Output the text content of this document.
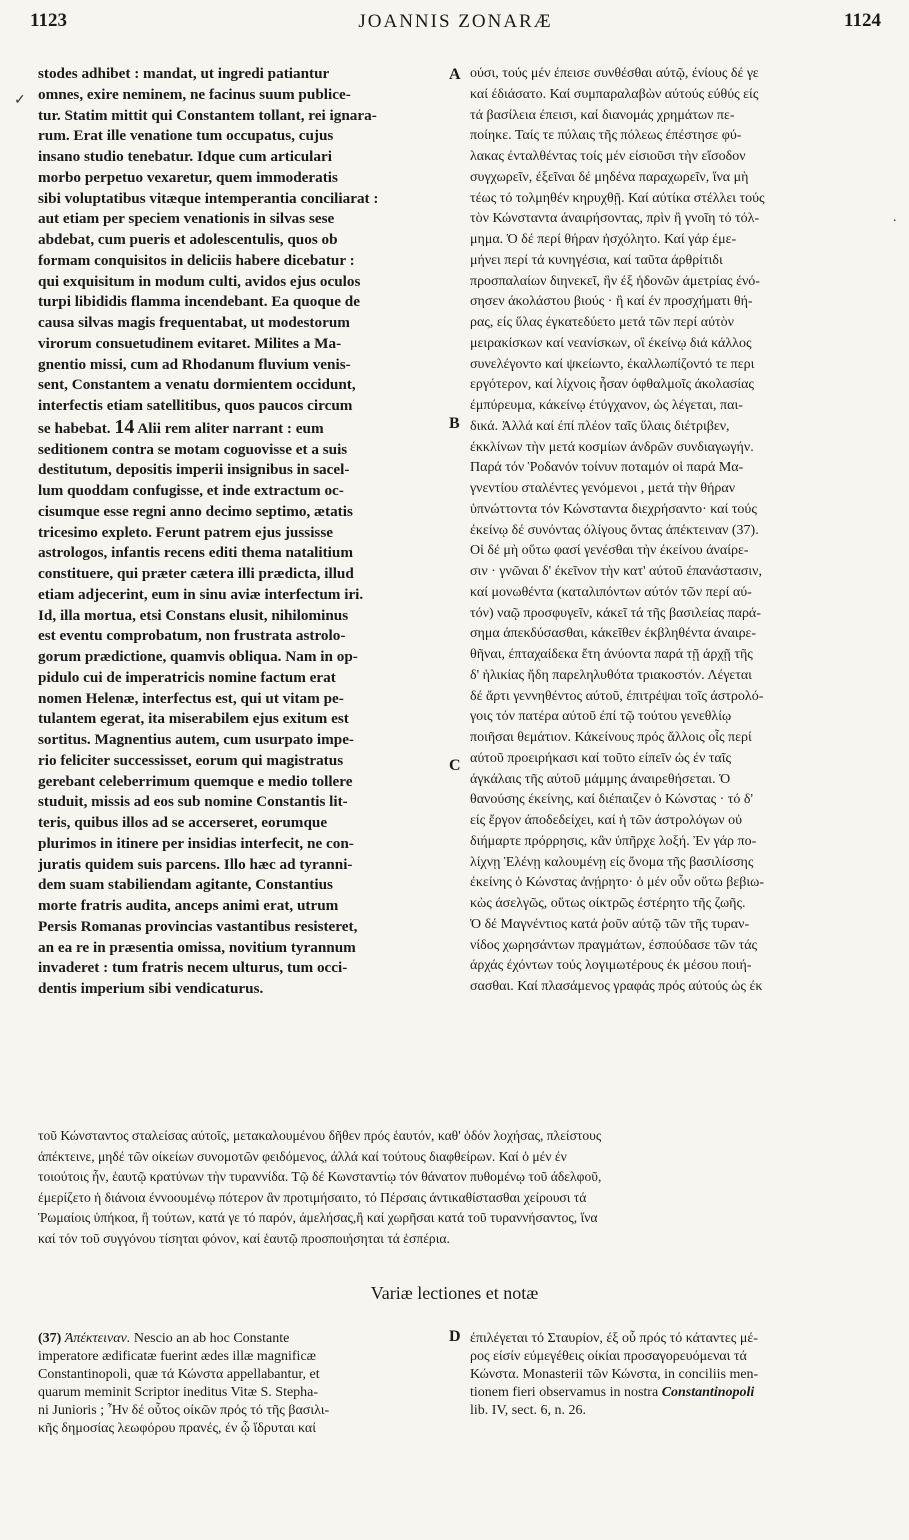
1123	JOANNIS ZONARÆ	1124
✓
.
A
B
C
D
stodes adhibet : mandat, ut ingredi patiantur
omnes, exire neminem, ne facinus suum publice-
tur. Statim mittit qui Constantem tollant, rei ignara-
rum. Erat ille venatione tum occupatus, cujus
insano studio tenebatur. Idque cum articulari
morbo perpetuo vexaretur, quem immoderatis
sibi voluptatibus vitæque intemperantia conciliarat :
aut etiam per speciem venationis in silvas sese
abdebat, cum pueris et adolescentulis, quos ob
formam conquisitos in deliciis habere dicebatur :
qui exquisitum in modum culti, avidos ejus oculos
turpi libididis flamma incendebant. Ea quoque de
causa silvas magis frequentabat, ut modestorum
virorum consuetudinem evitaret. Milites a Ma-
gnentio missi, cum ad Rhodanum fluvium venis-
sent, Constantem a venatu dormientem occidunt,
interfectis etiam satellitibus, quos paucos circum
se habebat. 14 Alii rem aliter narrant : eum
seditionem contra se motam coguovisse et a suis
destitutum, depositis imperii insignibus in sacel-
lum quoddam confugisse, et inde extractum oc-
cisumque esse regni anno decimo septimo, ætatis
tricesimo expleto. Ferunt patrem ejus jussisse
astrologos, infantis recens editi thema natalitium
constituere, qui præter cætera illi prædicta, illud
etiam adjecerint, eum in sinu aviæ interfectum iri.
Id, illa mortua, etsi Constans elusit, nihilominus
est eventu comprobatum, non frustrata astrolo-
gorum prædictione, quamvis obliqua. Nam in op-
pidulo cui de imperatricis nomine factum erat
nomen Helenæ, interfectus est, qui ut vitam pe-
tulantem egerat, ita miserabilem ejus exitum est
sortitus. Magnentius autem, cum usurpato impe-
rio feliciter successisset, eorum qui magistratus
gerebant celeberrimum quemque e medio tollere
studuit, missis ad eos sub nomine Constantis lit-
teris, quibus illos ad se accerseret, eorumque
plurimos in itinere per insidias interfecit, ne con-
juratis quidem suis parcens. Illo hæc ad tyranni-
dem suam stabiliendam agitante, Constantius
morte fratris audita, anceps animi erat, utrum
Persis Romanas provincias vastantibus resisteret,
an ea re in præsentia omissa, novitium tyrannum
invaderet : tum fratris necem ulturus, tum occi-
dentis imperium sibi vendicaturus.
ούσι, τούς μέν έπεισε συνθέσθαι αύτῷ, ένίους δέ γε
καί έδιάσατο. Καί συμπαραλαβὼν αύτούς εύθύς είς
τά βασίλεια έπεισι, καί διανομάς χρημάτων πε-
ποίηκε. Ταίς τε πύλαις τῆς πόλεως έπέστησε φύ-
λακας ένταλθέντας τοίς μέν είσιοῦσι τὴν εἴσοδον
συγχωρεῖν, έξεῖναι δέ μηδένα παραχωρεῖν, ἵνα μὴ
τέως τό τολμηθέν κηρυχθῇ. Καί αύτίκα στέλλει τούς
τὸν Κώνσταντα άναιρήσοντας, πρὶν ἢ γνοῖη τό τόλ-
μημα. Ὁ δέ περί θήραν ἠσχόλητο. Καί γάρ έμε-
μήνει περί τά κυνηγέσια, καί ταῦτα άρθρίτιδι
προσπαλαίων διηνεκεῖ, ἣν έξ ἡδονῶν άμετρίας ένό-
σησεν άκολάστου βιούς · ἢ καί έν προσχήματι θή-
ρας, είς ὕλας έγκατεδύετο μετά τῶν περί αύτὸν
μειρακίσκων καί νεανίσκων, οἳ έκείνῳ διά κάλλος
συνελέγοντο καί ψκείωντο, έκαλλωπίζοντό τε περι
εργότερον, καί λίχνοις ἦσαν όφθαλμοῖς άκολασίας
έμπύρευμα, κάκείνῳ έτύγχανον, ὡς λέγεται, παι-
δικά. Ἀλλά καί έπί πλέον ταῖς ὕλαις διέτριβεν,
έκκλίνων τὴν μετά κοσμίων άνδρῶν συνδιαγωγήν.
Παρά τόν Ῥοδανόν τοίνυν ποταμόν οἱ παρά Μα-
γνεντίου σταλέντες γενόμενοι , μετά τὴν θήραν
ὑπνώττοντα τόν Κώνσταντα διεχρήσαντο· καί τούς
έκείνῳ δέ συνόντας όλίγους ὄντας άπέκτειναν (37).
Οἱ δέ μὴ οὕτω φασί γενέσθαι τὴν έκείνου άναίρε-
σιν · γνῶναι δ' έκεῖνον τὴν κατ' αύτοῦ έπανάστασιν,
καί μονωθέντα (καταλιπόντων αύτόν τῶν περί αύ-
τόν) ναῷ προσφυγεῖν, κάκεῖ τά τῆς βασιλείας παρά-
σημα άπεκδύσασθαι, κάκεῖθεν έκβληθέντα άναιρε-
θῆναι, έπταχαίδεκα ἔτη άνύοντα παρά τῇ άρχῇ τῆς
δ' ἡλικίας ἤδη παρεληλυθότα τριακοστόν. Λέγεται
δέ ἄρτι γεννηθέντος αύτοῦ, έπιτρέψαι τοῖς άστρολό-
γοις τόν πατέρα αύτοῦ έπί τῷ τούτου γενεθλίῳ
ποιῆσαι θεμάτιον. Κάκείνους πρός ἄλλοις οἷς περί
αύτοῦ προειρήκασι καί τοῦτο είπεῖν ὡς έν ταῖς
άγκάλαις τῆς αύτοῦ μάμμης άναιρεθήσεται. Ὁ
θανούσης έκείνης, καί διέπαιζεν ὁ Κώνστας · τό δ'
είς ἔργον άποδεδείχει, καί ἡ τῶν άστρολόγων οὐ
διήμαρτε πρόρρησις, κἂν ὑπῆρχε λοξή. Ἐν γάρ πο-
λίχνῃ Ἑλένῃ καλουμένῃ είς ὄνομα τῆς βασιλίσσης
έκείνης ὁ Κώνστας ἀνῄρητο· ὁ μέν οὖν οὕτω βεβιω-
κὼς άσελγῶς, οὕτως οίκτρῶς έστέρητο τῆς ζωῆς.
Ὁ δέ Μαγνέντιος κατά ῥοῦν αύτῷ τῶν τῆς τυραν-
νίδος χωρησάντων πραγμάτων, έσπούδασε τῶν τάς
άρχάς έχόντων τούς λογιμωτέρους έκ μέσου ποιή-
σασθαι. Καί πλασάμενος γραφάς πρός αύτούς ὡς έκ
τοῦ Κώνσταντος σταλείσας αύτοῖς, μετακαλουμένου δῆθεν πρός ἑαυτόν, καθ' ὁδόν λοχήσας, πλείστους
άπέκτεινε, μηδέ τῶν οίκείων συνομοτῶν φειδόμενος, άλλά καί τούτους διαφθείρων. Καί ὁ μέν έν
τοιούτοις ἦν, ἑαυτῷ κρατύνων τὴν τυραννίδα. Τῷ δέ Κωνσταντίῳ τόν θάνατον πυθομένῳ τοῦ άδελφοῦ,
έμερίζετο ἡ διάνοια έννοουμένῳ πότερον ἂν προτιμήσαιτο, τό Πέρσαις άντικαθίστασθαι χείρουσι τά
Ῥωμαίοις ὑπήκοα, ἢ τούτων, κατά γε τό παρόν, άμελήσας,ἢ καί χωρῆσαι κατά τοῦ τυραννήσαντος, ἵνα
καί τόν τοῦ συγγόνου τίσηται φόνον, καί ἑαυτῷ προσποιήσηται τά ἑσπέρια.
Variæ lectiones et notæ
(37) Άπέκτειναν. Nescio an ab hoc Constante
imperatore ædificatæ fuerint ædes illæ magnificæ
Constantinopoli, quæ τά Κώνστα appellabantur, et
quarum meminit Scriptor ineditus Vitæ S. Stepha-
ni Junioris ; Ἦν δέ οὗτος οίκῶν πρός τό τῆς βασιλι-
κῆς δημοσίας λεωφόρου πρανές, έν ᾧ ἵδρυται καί
έπιλέγεται τό Σταυρίον, έξ οὗ πρός τό κάταντες μέ-
ρος είσίν εύμεγέθεις οίκίαι προσαγορευόμεναι τά
Κώνστα. Monasterii τῶν Κώνστα, in conciliis men-
tionem fieri observamus in nostra Constantinopoli
lib. IV, sect. 6, n. 26.
